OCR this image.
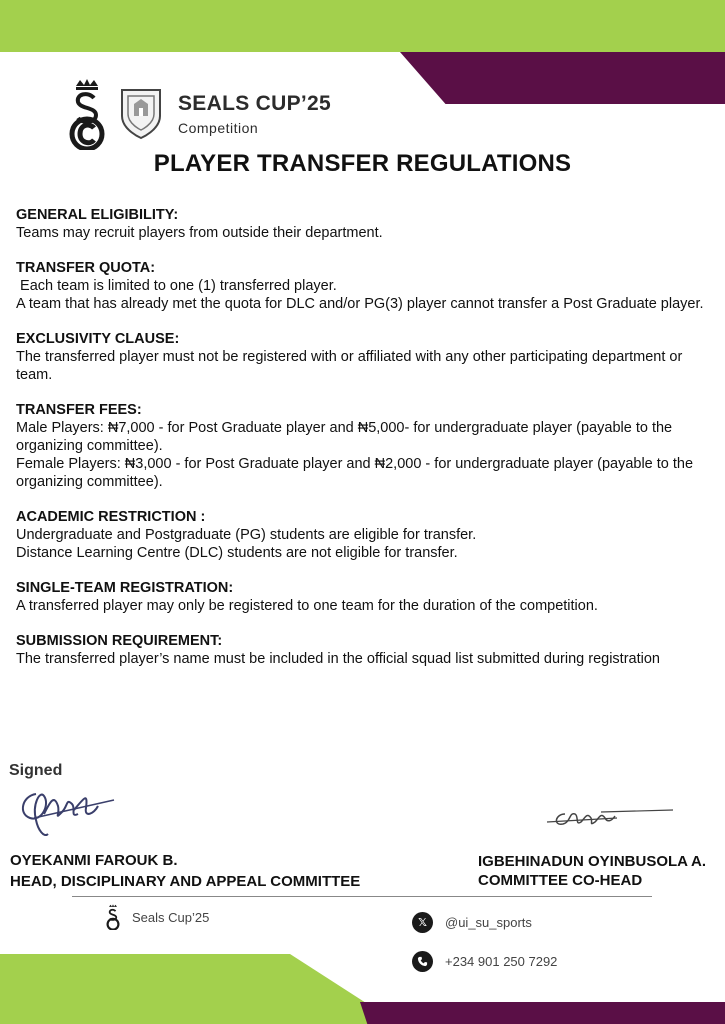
SEALS CUP’25
Competition
PLAYER TRANSFER REGULATIONS
GENERAL ELIGIBILITY:
Teams may recruit players from outside their department.
TRANSFER QUOTA:
Each team is limited to one (1) transferred player.
A team that has already met the quota for DLC and/or PG(3) player cannot transfer a Post Graduate player.
EXCLUSIVITY CLAUSE:
The transferred player must not be registered with or affiliated with any other participating department or team.
TRANSFER FEES:
Male Players: ₦7,000 - for Post Graduate player and ₦5,000- for undergraduate player (payable to the organizing committee).
Female Players: ₦3,000 - for Post Graduate player and ₦2,000 - for undergraduate player (payable to the organizing committee).
ACADEMIC RESTRICTION :
Undergraduate and Postgraduate (PG) students are eligible for transfer.
Distance Learning Centre (DLC) students are not eligible for transfer.
SINGLE-TEAM REGISTRATION:
A transferred player may only be registered to one team for the duration of the competition.
SUBMISSION REQUIREMENT:
The transferred player’s name must be included in the official squad list submitted during registration
Signed
OYEKANMI FAROUK B.
HEAD, DISCIPLINARY AND APPEAL COMMITTEE
IGBEHINADUN OYINBUSOLA A.
COMMITTEE CO-HEAD
Seals Cup’25	𝕏	@ui_su_sports
+234 901 250 7292
